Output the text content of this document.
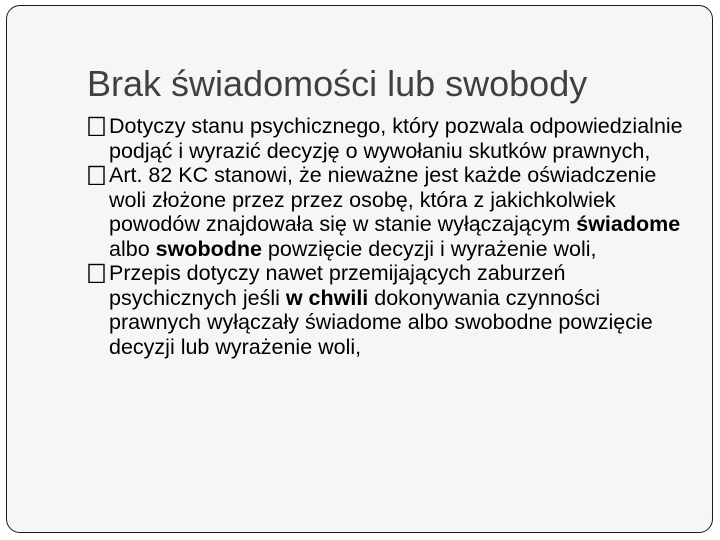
Brak świadomości lub swobody

Dotyczy stanu psychicznego, który pozwala odpowiedzialnie podjąć i wyrazić decyzję o wywołaniu skutków prawnych,

Art. 82 KC stanowi, że nieważne jest każde oświadczenie woli złożone przez przez osobę, która z jakichkolwiek powodów znajdowała się w stanie wyłączającym świadome albo swobodne powzięcie decyzji i wyrażenie woli,

Przepis dotyczy nawet przemijających zaburzeń psychicznych jeśli w chwili dokonywania czynności prawnych wyłączały świadome albo swobodne powzięcie decyzji lub wyrażenie woli,
